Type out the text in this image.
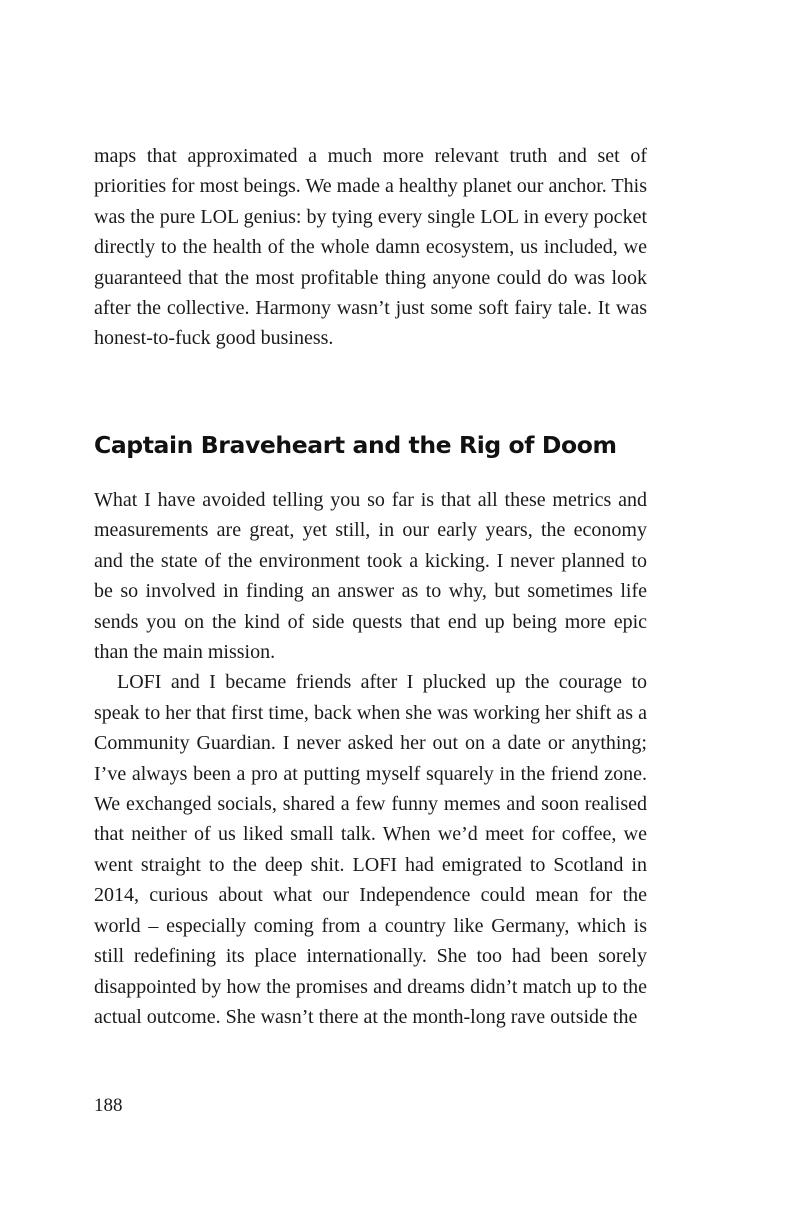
maps that approximated a much more relevant truth and set of priorities for most beings. We made a healthy planet our anchor. This was the pure LOL genius: by tying every single LOL in every pocket directly to the health of the whole damn ecosystem, us included, we guaranteed that the most profitable thing anyone could do was look after the collective. Harmony wasn’t just some soft fairy tale. It was honest-to-fuck good business.

Captain Braveheart and the Rig of Doom

What I have avoided telling you so far is that all these metrics and measurements are great, yet still, in our early years, the economy and the state of the environment took a kicking. I never planned to be so involved in finding an answer as to why, but sometimes life sends you on the kind of side quests that end up being more epic than the main mission.

LOFI and I became friends after I plucked up the courage to speak to her that first time, back when she was working her shift as a Community Guardian. I never asked her out on a date or anything; I’ve always been a pro at putting myself squarely in the friend zone. We exchanged socials, shared a few funny memes and soon realised that neither of us liked small talk. When we’d meet for coffee, we went straight to the deep shit. LOFI had emigrated to Scotland in 2014, curious about what our Independence could mean for the world – especially coming from a country like Germany, which is still redefining its place internationally. She too had been sorely disappointed by how the promises and dreams didn’t match up to the actual outcome. She wasn’t there at the month-long rave outside the

188
